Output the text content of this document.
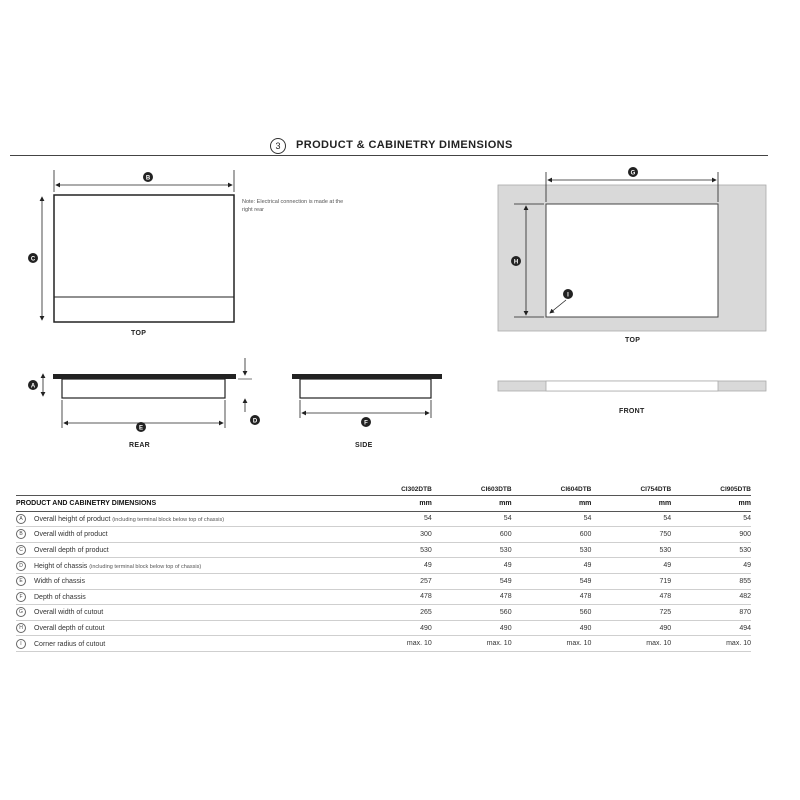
3	PRODUCT & CABINETRY DIMENSIONS
B
C
A
D
E
F
G
H
I
Note: Electrical connection is made at the right rear
TOP
TOP
FRONT
REAR	SIDE
	CI302DTB	CI603DTB	CI604DTB	CI754DTB	CI905DTB
PRODUCT AND CABINETRY DIMENSIONS	mm	mm	mm	mm	mm
A Overall height of product (including terminal block below top of chassis)	54	54	54	54	54
B Overall width of product	300	600	600	750	900
C Overall depth of product	530	530	530	530	530
D Height of chassis (including terminal block below top of chassis)	49	49	49	49	49
E Width of chassis	257	549	549	719	855
F Depth of chassis	478	478	478	478	482
G Overall width of cutout	265	560	560	725	870
H Overall depth of cutout	490	490	490	490	494
I Corner radius of cutout	max. 10	max. 10	max. 10	max. 10	max. 10
